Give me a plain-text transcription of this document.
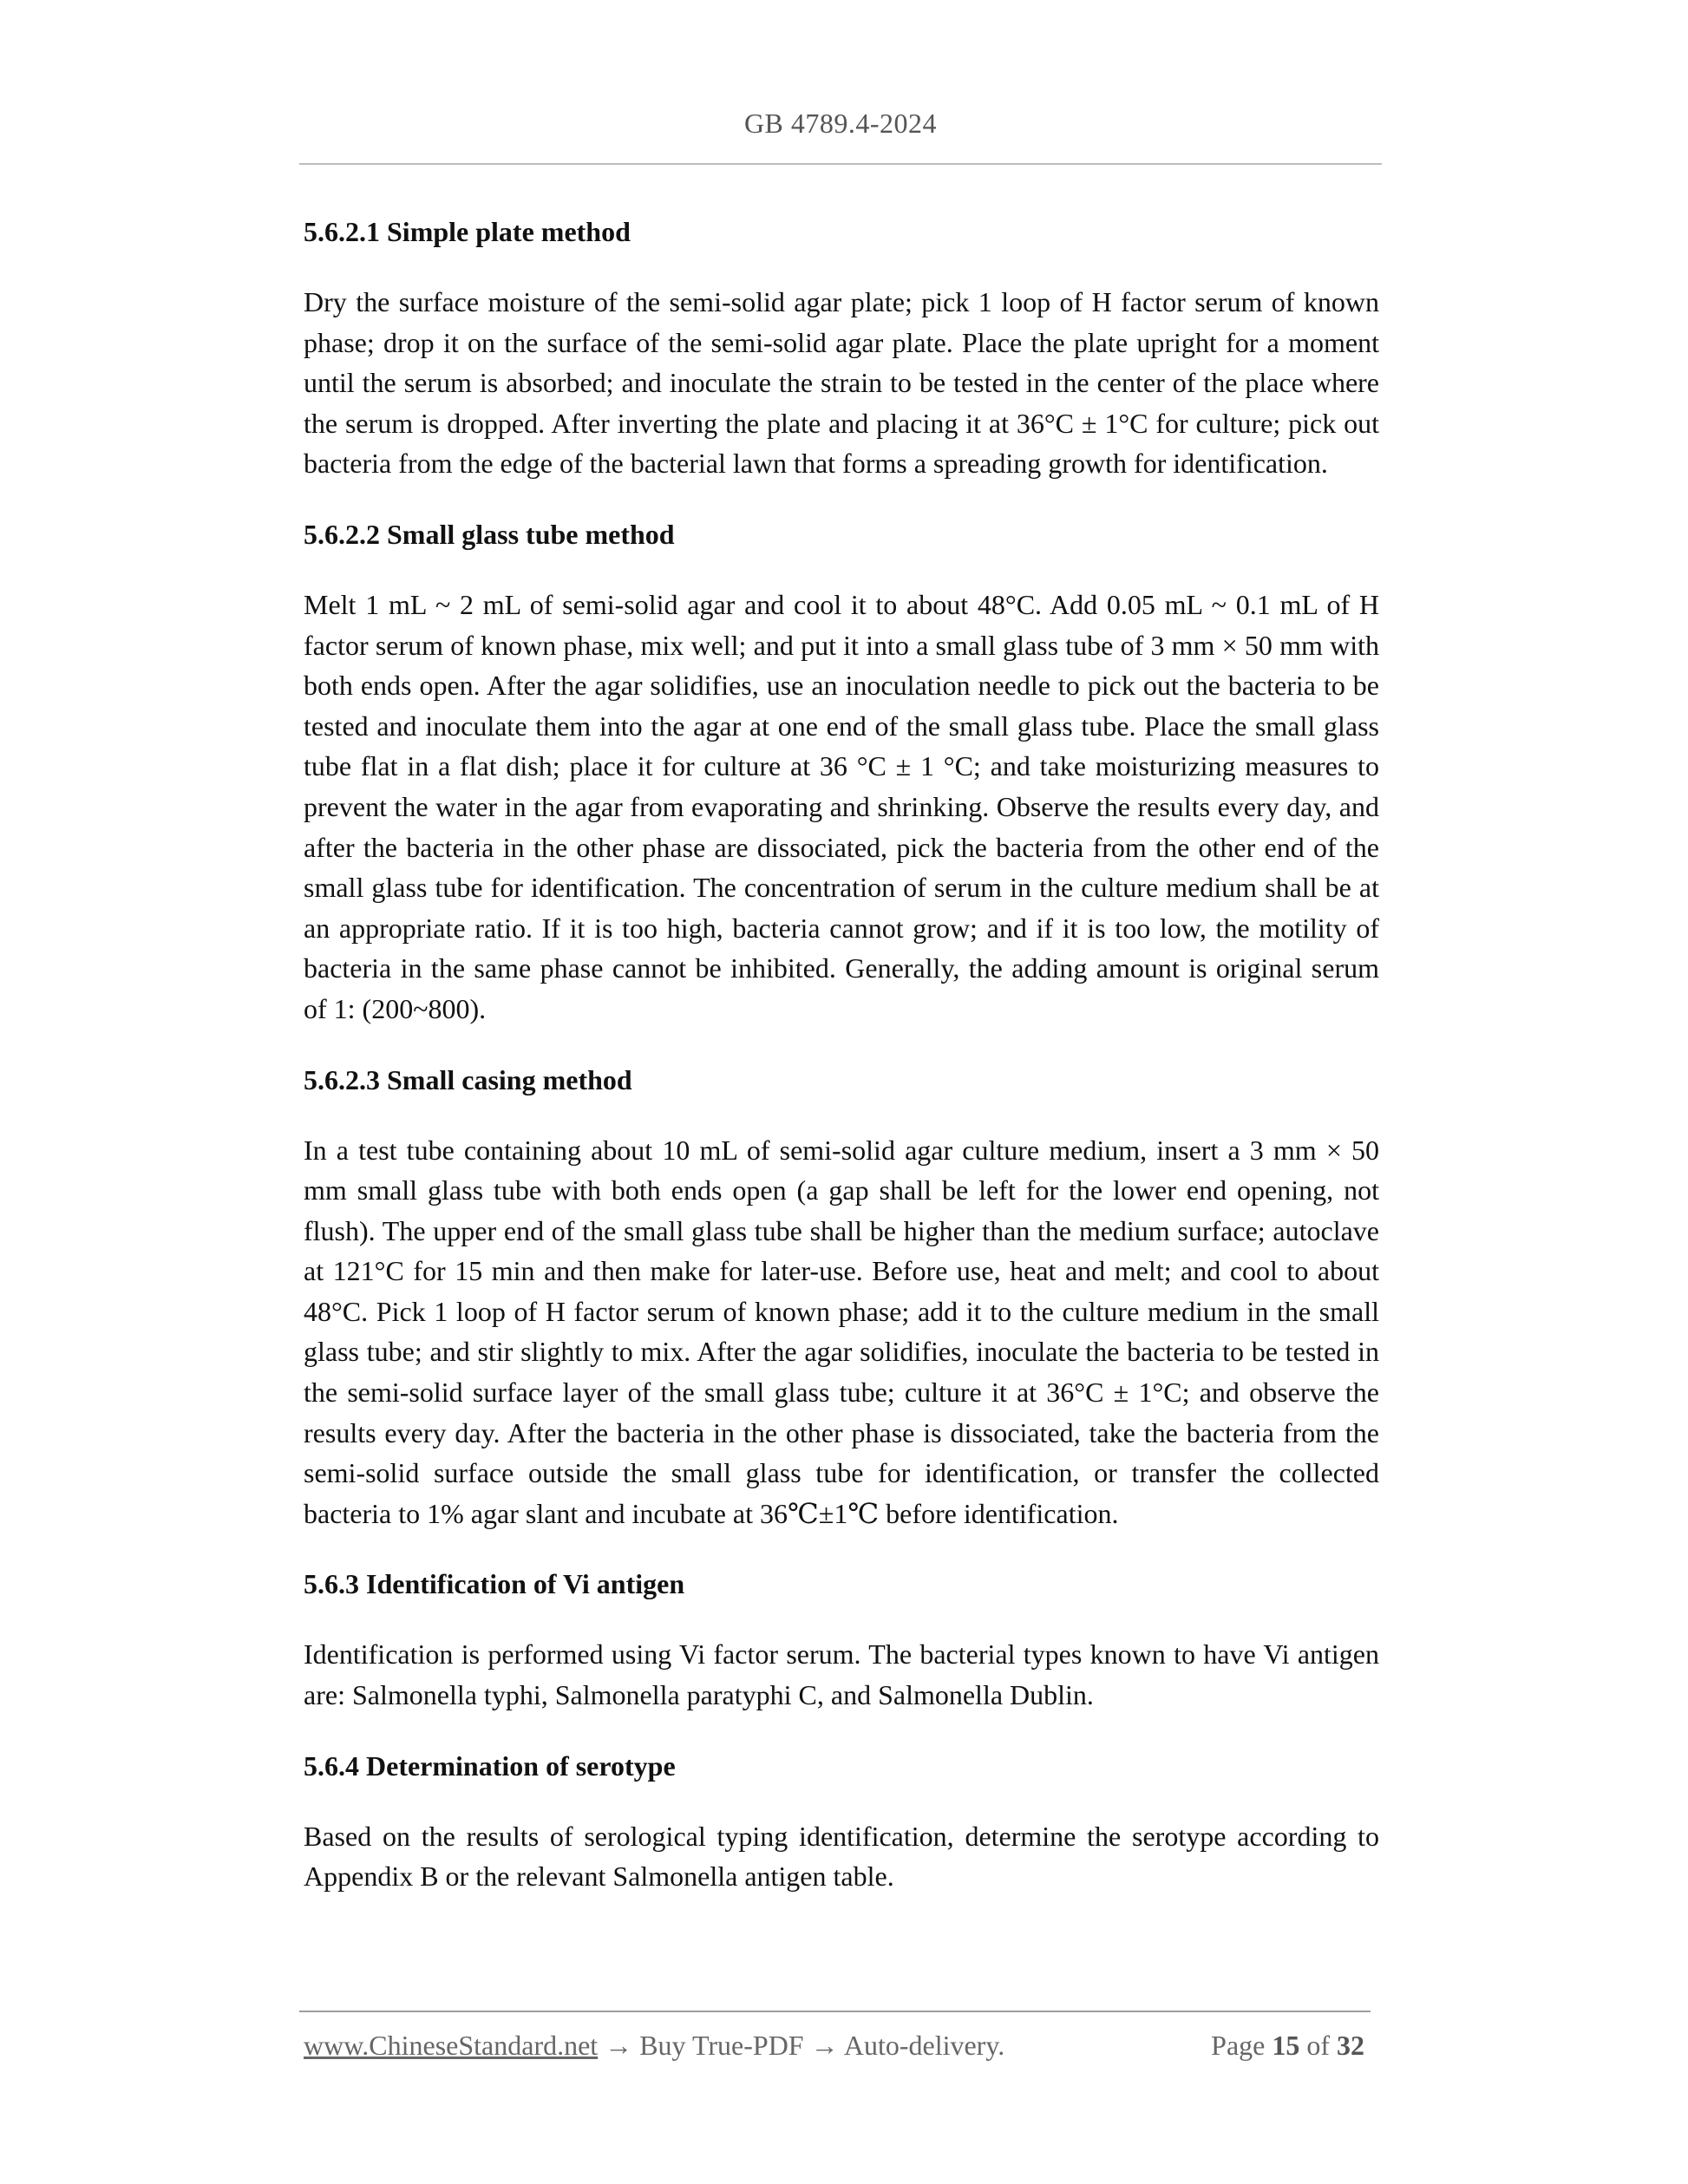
GB 4789.4-2024
5.6.2.1 Simple plate method
Dry the surface moisture of the semi-solid agar plate; pick 1 loop of H factor serum of known phase; drop it on the surface of the semi-solid agar plate. Place the plate upright for a moment until the serum is absorbed; and inoculate the strain to be tested in the center of the place where the serum is dropped. After inverting the plate and placing it at 36°C ± 1°C for culture; pick out bacteria from the edge of the bacterial lawn that forms a spreading growth for identification.
5.6.2.2 Small glass tube method
Melt 1 mL ~ 2 mL of semi-solid agar and cool it to about 48°C. Add 0.05 mL ~ 0.1 mL of H factor serum of known phase, mix well; and put it into a small glass tube of 3 mm × 50 mm with both ends open. After the agar solidifies, use an inoculation needle to pick out the bacteria to be tested and inoculate them into the agar at one end of the small glass tube. Place the small glass tube flat in a flat dish; place it for culture at 36 °C ± 1 °C; and take moisturizing measures to prevent the water in the agar from evaporating and shrinking. Observe the results every day, and after the bacteria in the other phase are dissociated, pick the bacteria from the other end of the small glass tube for identification. The concentration of serum in the culture medium shall be at an appropriate ratio. If it is too high, bacteria cannot grow; and if it is too low, the motility of bacteria in the same phase cannot be inhibited. Generally, the adding amount is original serum of 1: (200~800).
5.6.2.3 Small casing method
In a test tube containing about 10 mL of semi-solid agar culture medium, insert a 3 mm × 50 mm small glass tube with both ends open (a gap shall be left for the lower end opening, not flush). The upper end of the small glass tube shall be higher than the medium surface; autoclave at 121°C for 15 min and then make for later-use. Before use, heat and melt; and cool to about 48°C. Pick 1 loop of H factor serum of known phase; add it to the culture medium in the small glass tube; and stir slightly to mix. After the agar solidifies, inoculate the bacteria to be tested in the semi-solid surface layer of the small glass tube; culture it at 36°C ± 1°C; and observe the results every day. After the bacteria in the other phase is dissociated, take the bacteria from the semi-solid surface outside the small glass tube for identification, or transfer the collected bacteria to 1% agar slant and incubate at 36℃±1℃ before identification.
5.6.3 Identification of Vi antigen
Identification is performed using Vi factor serum. The bacterial types known to have Vi antigen are: Salmonella typhi, Salmonella paratyphi C, and Salmonella Dublin.
5.6.4 Determination of serotype
Based on the results of serological typing identification, determine the serotype according to Appendix B or the relevant Salmonella antigen table.
www.ChineseStandard.net → Buy True-PDF → Auto-delivery.	Page 15 of 32
